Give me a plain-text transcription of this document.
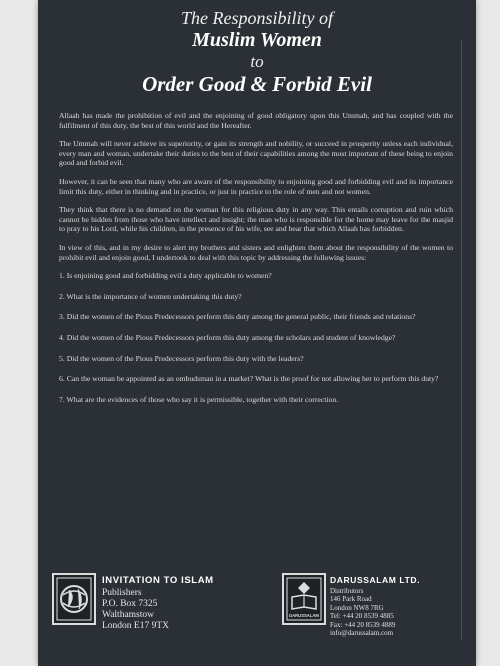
The Responsibility of
Muslim Women
to
Order Good & Forbid Evil

Allaah has made the prohibition of evil and the enjoining of good obligatory upon this Ummah, and has coupled with the fulfilment of this duty, the best of this world and the Hereafter.

The Ummah will never achieve its superiority, or gain its strength and nobility, or succeed in prosperity unless each individual, every man and woman, undertake their duties to the best of their capabilities among the most important of these being to enjoin good and forbid evil.

However, it can be seen that many who are aware of the responsibility to enjoining good and forbidding evil and its importance limit this duty, either in thinking and in practice, or just in practice to the role of men and not women.

They think that there is no demand on the woman for this religious duty in any way. This entails corruption and ruin which cannot be hidden from those who have intellect and insight; the man who is responsible for the home may leave for the masjid to pray to his Lord, while his children, in the presence of his wife, see and hear that which Allaah has forbidden.

In view of this, and in my desire to alert my brothers and sisters and enlighten them about the responsibility of the women to prohibit evil and enjoin good, I undertook to deal with this topic by addressing the following issues:

1. Is enjoining good and forbidding evil a duty applicable to women?

2. What is the importance of women undertaking this duty?

3. Did the women of the Pious Predecessors perform this duty among the general public, their friends and relations?

4. Did the women of the Pious Predecessors perform this duty among the scholars and student of knowledge?

5. Did the women of the Pious Predecessors perform this duty with the leaders?

6. Can the woman be appointed as an ombudsman in a market? What is the proof for not allowing her to perform this duty?

7. What are the evidences of those who say it is permissible, together with their correction.

INVITATION TO ISLAM
Publishers
P.O. Box 7325
Walthamstow
London E17 9TX
DARUSSALAM
DARUSSALAM LTD.
Distributors
146 Park Road
London NW8 7RG
Tel: +44 20 8539 4885
Fax: +44 20 8539 4889
info@darussalam.com
